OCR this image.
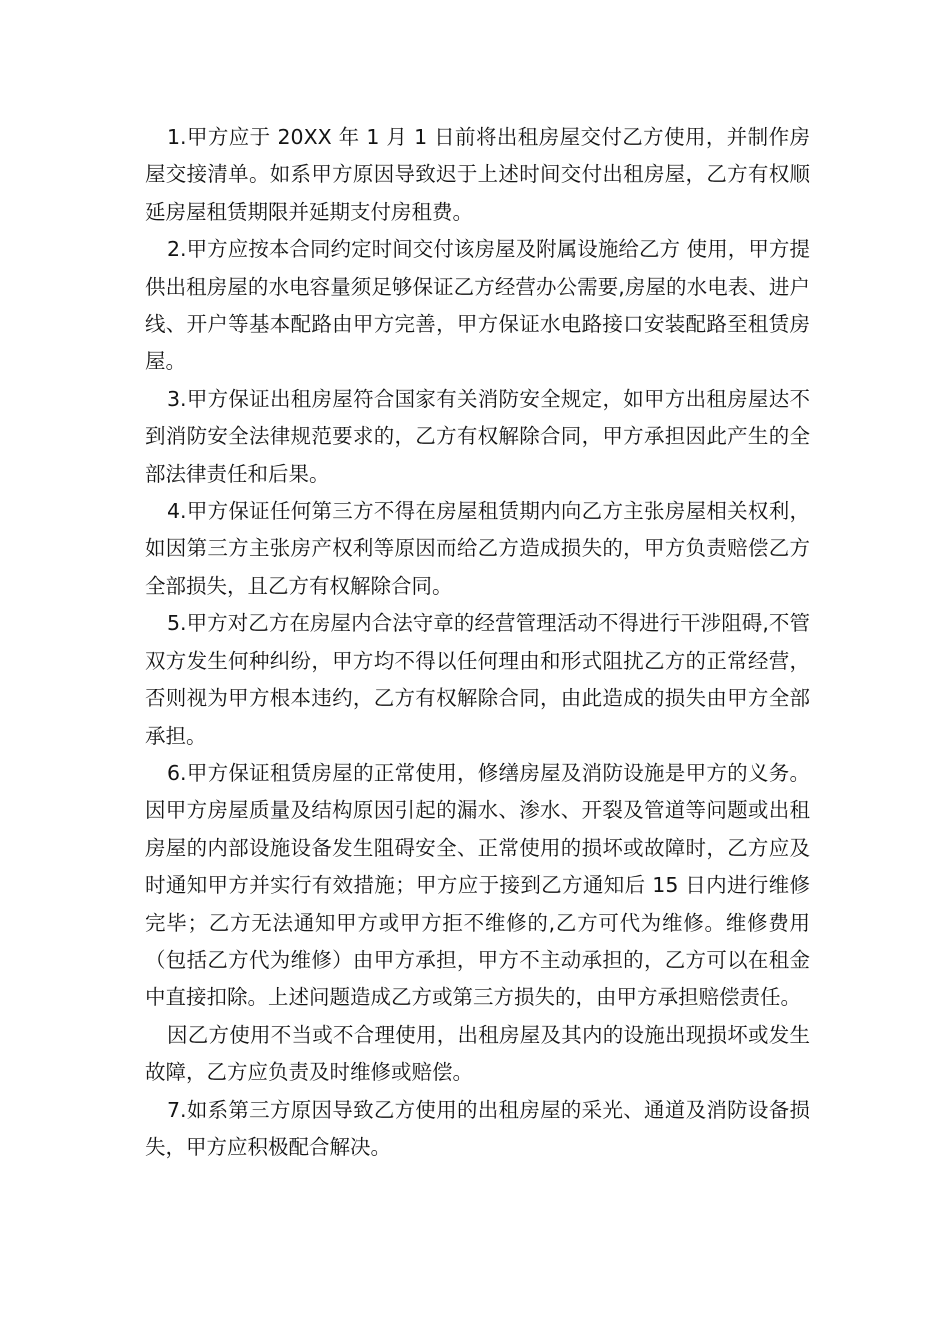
1.甲方应于 20XX 年 1 月 1 日前将出租房屋交付乙方使用，并制作房屋交接清单。如系甲方原因导致迟于上述时间交付出租房屋，乙方有权顺延房屋租赁期限并延期支付房租费。

2.甲方应按本合同约定时间交付该房屋及附属设施给乙方 使用，甲方提供出租房屋的水电容量须足够保证乙方经营办公需要,房屋的水电表、进户线、开户等基本配路由甲方完善，甲方保证水电路接口安装配路至租赁房屋。

3.甲方保证出租房屋符合国家有关消防安全规定，如甲方出租房屋达不到消防安全法律规范要求的，乙方有权解除合同，甲方承担因此产生的全部法律责任和后果。

4.甲方保证任何第三方不得在房屋租赁期内向乙方主张房屋相关权利，如因第三方主张房产权利等原因而给乙方造成损失的，甲方负责赔偿乙方全部损失，且乙方有权解除合同。

5.甲方对乙方在房屋内合法守章的经营管理活动不得进行干涉阻碍,不管双方发生何种纠纷，甲方均不得以任何理由和形式阻扰乙方的正常经营，否则视为甲方根本违约，乙方有权解除合同，由此造成的损失由甲方全部承担。

6.甲方保证租赁房屋的正常使用，修缮房屋及消防设施是甲方的义务。因甲方房屋质量及结构原因引起的漏水、渗水、开裂及管道等问题或出租房屋的内部设施设备发生阻碍安全、正常使用的损坏或故障时，乙方应及时通知甲方并实行有效措施；甲方应于接到乙方通知后 15 日内进行维修完毕；乙方无法通知甲方或甲方拒不维修的,乙方可代为维修。维修费用（包括乙方代为维修）由甲方承担，甲方不主动承担的，乙方可以在租金中直接扣除。上述问题造成乙方或第三方损失的，由甲方承担赔偿责任。

因乙方使用不当或不合理使用，出租房屋及其内的设施出现损坏或发生故障，乙方应负责及时维修或赔偿。

7.如系第三方原因导致乙方使用的出租房屋的采光、通道及消防设备损失，甲方应积极配合解决。
